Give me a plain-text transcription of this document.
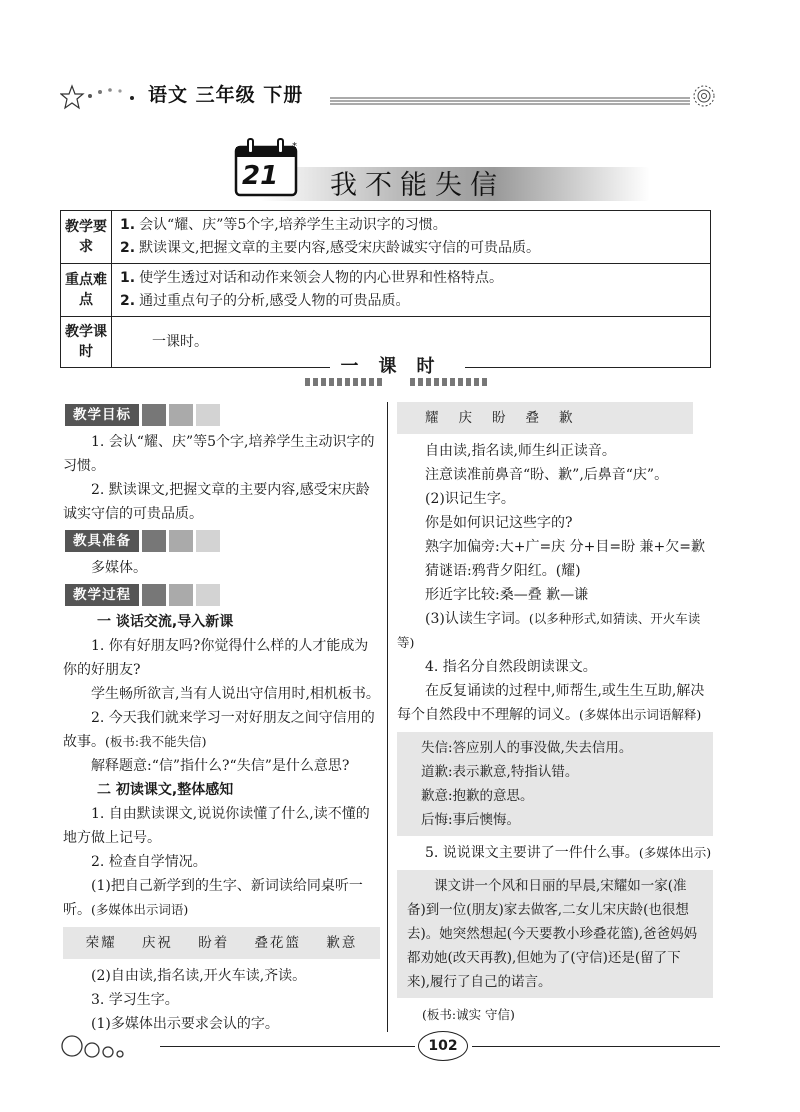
语文 三年级 下册
*
21 我不能失信
教学要求	1. 会认“耀、庆”等5个字,培养学生主动识字的习惯。
2. 默读课文,把握文章的主要内容,感受宋庆龄诚实守信的可贵品质。

重点难点	1. 使学生透过对话和动作来领会人物的内心世界和性格特点。
2. 通过重点句子的分析,感受人物的可贵品质。

教学课时	一课时。
一课时
教学目标

1. 会认“耀、庆”等5个字,培养学生主动识字的习惯。

2. 默读课文,把握文章的主要内容,感受宋庆龄诚实守信的可贵品质。

教具准备

多媒体。

教学过程

一 谈话交流,导入新课

1. 你有好朋友吗?你觉得什么样的人才能成为你的好朋友?

学生畅所欲言,当有人说出守信用时,相机板书。

2. 今天我们就来学习一对好朋友之间守信用的故事。(板书:我不能失信)

解释题意:“信”指什么?“失信”是什么意思?

二 初读课文,整体感知

1. 自由默读课文,说说你读懂了什么,读不懂的地方做上记号。

2. 检查自学情况。

(1)把自己新学到的生字、新词读给同桌听一听。(多媒体出示词语)

荣耀 庆祝 盼着 叠花篮 歉意

(2)自由读,指名读,开火车读,齐读。

3. 学习生字。

(1)多媒体出示要求会认的字。

耀 庆 盼 叠 歉

自由读,指名读,师生纠正读音。

注意读准前鼻音“盼、歉”,后鼻音“庆”。

(2)识记生字。

你是如何识记这些字的?

熟字加偏旁:大+广=庆 分+目=盼 兼+欠=歉

猜谜语:鸦背夕阳红。(耀)

形近字比较:桑—叠 歉—谦

(3)认读生字词。(以多种形式,如猜读、开火车读等)

4. 指名分自然段朗读课文。

在反复诵读的过程中,师帮生,或生生互助,解决每个自然段中不理解的词义。(多媒体出示词语解释)

失信:答应别人的事没做,失去信用。

道歉:表示歉意,特指认错。

歉意:抱歉的意思。

后悔:事后懊悔。

5. 说说课文主要讲了一件什么事。(多媒体出示)

课文讲一个风和日丽的早晨,宋耀如一家(准备)到一位(朋友)家去做客,二女儿宋庆龄(也很想去)。她突然想起(今天要教小珍叠花篮),爸爸妈妈都劝她(改天再教),但她为了(守信)还是(留了下来),履行了自己的诺言。

(板书:诚实 守信)

102
